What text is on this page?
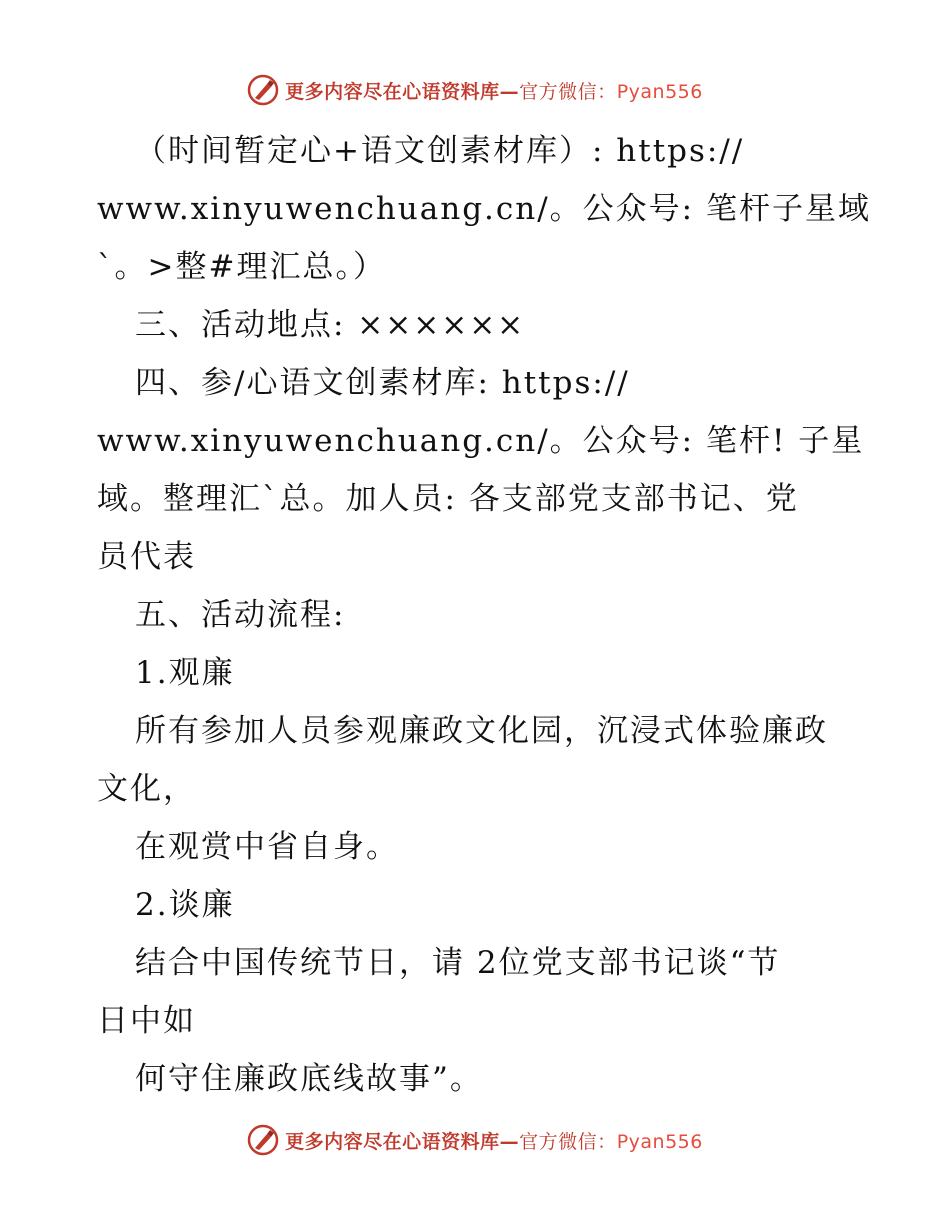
更多内容尽在心语资料库—官方微信：Pyan556
（时间暂定心+语文创素材库）: https://
www.xinyuwenchuang.cn/。公众号: 笔杆子星域
`。>整#理汇总。）
三、活动地点: ××××××
四、参/心语文创素材库: https://
www.xinyuwenchuang.cn/。公众号: 笔杆! 子星
域。整理汇`总。加人员: 各支部党支部书记、党
员代表
五、活动流程:
1.观廉
所有参加人员参观廉政文化园，沉浸式体验廉政
文化，
在观赏中省自身。
2.谈廉
结合中国传统节日，请 2位党支部书记谈“节
日中如
何守住廉政底线故事”。
更多内容尽在心语资料库—官方微信：Pyan556
